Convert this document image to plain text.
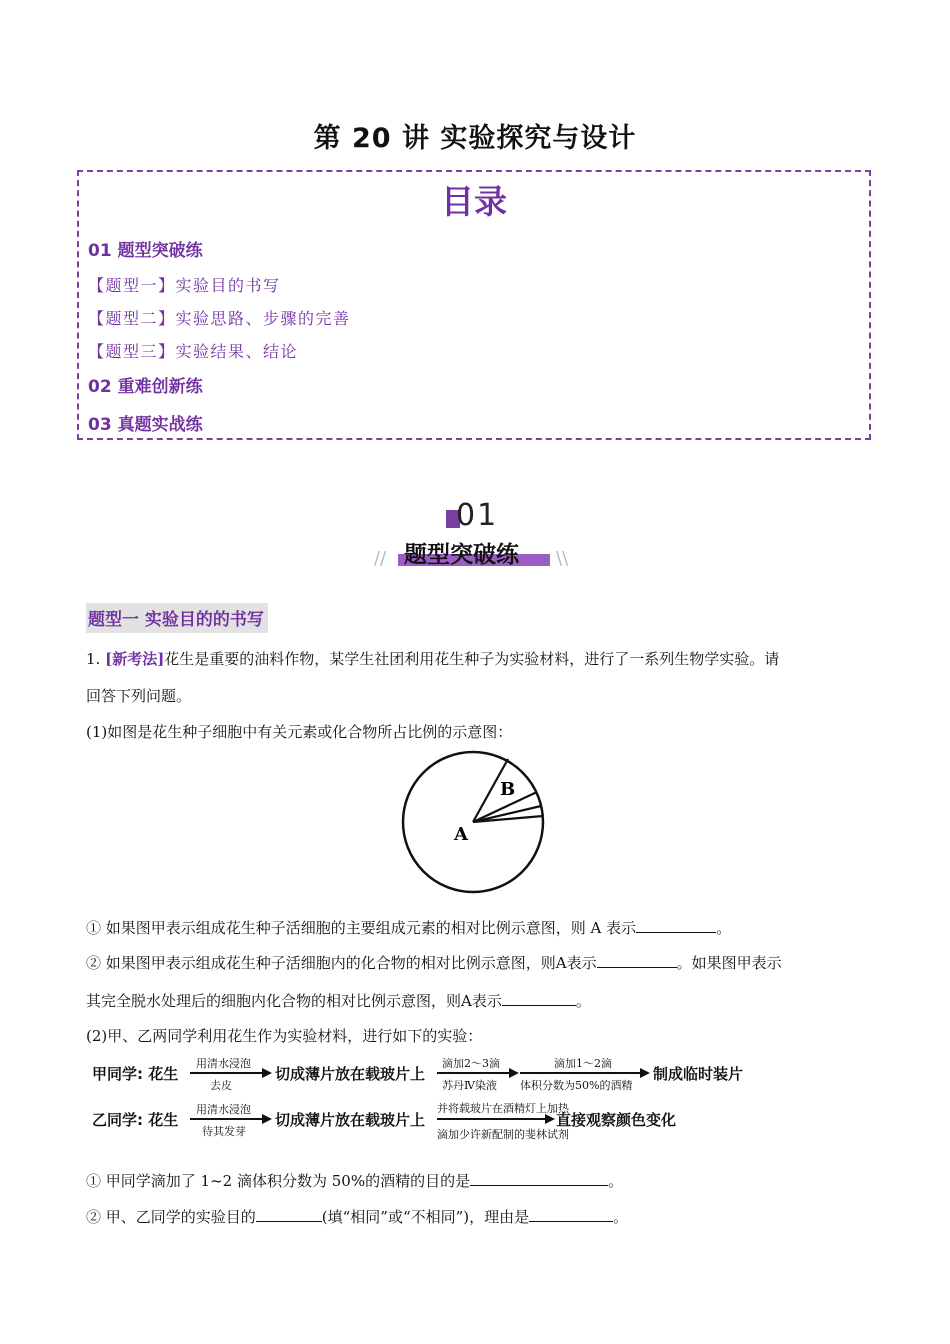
第 20 讲 实验探究与设计
目录
01 题型突破练
【题型一】实验目的书写
【题型二】实验思路、步骤的完善
【题型三】实验结果、结论
02 重难创新练
03 真题实战练
01
题型突破练
//	\\
题型一 实验目的的书写
1. [新考法]花生是重要的油料作物，某学生社团利用花生种子为实验材料，进行了一系列生物学实验。请
回答下列问题。
(1)如图是花生种子细胞中有关元素或化合物所占比例的示意图：
B
A
① 如果图甲表示组成花生种子活细胞的主要组成元素的相对比例示意图，则 A 表示	。
② 如果图甲表示组成花生种子活细胞内的化合物的相对比例示意图，则A表示	。如果图甲表示
其完全脱水处理后的细胞内化合物的相对比例示意图，则A表示	。
(2)甲、乙两同学利用花生作为实验材料，进行如下的实验：
甲同学: 花生
用清水浸泡
去皮
切成薄片放在载玻片上
滴加2～3滴
苏丹Ⅳ染液
滴加1～2滴
体积分数为50%的酒精
制成临时装片
乙同学: 花生
用清水浸泡
待其发芽
切成薄片放在载玻片上
并将载玻片在酒精灯上加热
滴加少许新配制的斐林试剂
直接观察颜色变化
① 甲同学滴加了 1~2 滴体积分数为 50%的酒精的目的是	。
② 甲、乙同学的实验目的	(填“相同”或“不相同”)，理由是	。
